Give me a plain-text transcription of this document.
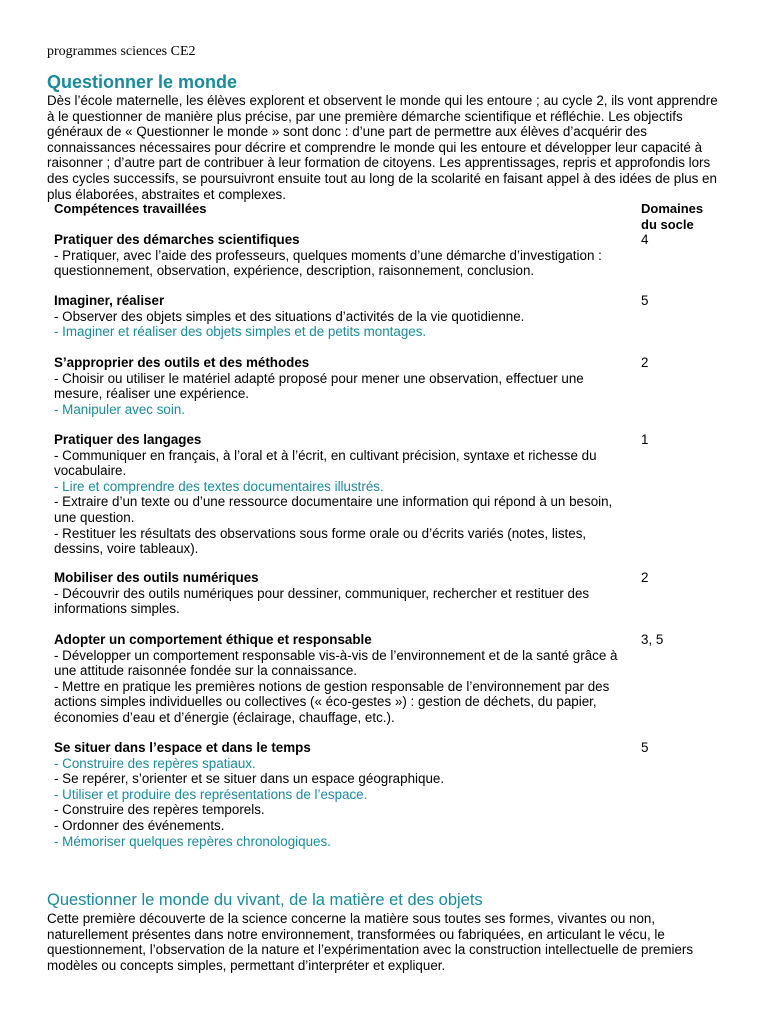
programmes sciences CE2
Questionner le monde

Dès l’école maternelle, les élèves explorent et observent le monde qui les entoure ; au cycle 2, ils vont apprendre à le questionner de manière plus précise, par une première démarche scientifique et réfléchie. Les objectifs généraux de « Questionner le monde » sont donc : d’une part de permettre aux élèves d’acquérir des connaissances nécessaires pour décrire et comprendre le monde qui les entoure et développer leur capacité à raisonner ; d’autre part de contribuer à leur formation de citoyens. Les apprentissages, repris et approfondis lors des cycles successifs, se poursuivront ensuite tout au long de la scolarité en faisant appel à des idées de plus en plus élaborées, abstraites et complexes.

Compétences travaillées	Domaines
du socle
Pratiquer des démarches scientifiques
- Pratiquer, avec l’aide des professeurs, quelques moments d’une démarche d’investigation : questionnement, observation, expérience, description, raisonnement, conclusion.
4
Imaginer, réaliser
- Observer des objets simples et des situations d’activités de la vie quotidienne.
- Imaginer et réaliser des objets simples et de petits montages.
5
S’approprier des outils et des méthodes
- Choisir ou utiliser le matériel adapté proposé pour mener une observation, effectuer une mesure, réaliser une expérience.
- Manipuler avec soin.
2
Pratiquer des langages
- Communiquer en français, à l’oral et à l’écrit, en cultivant précision, syntaxe et richesse du vocabulaire.
- Lire et comprendre des textes documentaires illustrés.
- Extraire d’un texte ou d’une ressource documentaire une information qui répond à un besoin, une question.
- Restituer les résultats des observations sous forme orale ou d’écrits variés (notes, listes, dessins, voire tableaux).
1
Mobiliser des outils numériques
- Découvrir des outils numériques pour dessiner, communiquer, rechercher et restituer des informations simples.
2
Adopter un comportement éthique et responsable
- Développer un comportement responsable vis-à-vis de l’environnement et de la santé grâce à une attitude raisonnée fondée sur la connaissance.
- Mettre en pratique les premières notions de gestion responsable de l’environnement par des actions simples individuelles ou collectives (« éco-gestes ») : gestion de déchets, du papier, économies d’eau et d’énergie (éclairage, chauffage, etc.).
3, 5
Se situer dans l’espace et dans le temps
- Construire des repères spatiaux.
- Se repérer, s’orienter et se situer dans un espace géographique.
- Utiliser et produire des représentations de l’espace.
- Construire des repères temporels.
- Ordonner des événements.
- Mémoriser quelques repères chronologiques.
5
Questionner le monde du vivant, de la matière et des objets

Cette première découverte de la science concerne la matière sous toutes ses formes, vivantes ou non, naturellement présentes dans notre environnement, transformées ou fabriquées, en articulant le vécu, le questionnement, l’observation de la nature et l’expérimentation avec la construction intellectuelle de premiers modèles ou concepts simples, permettant d’interpréter et expliquer.
